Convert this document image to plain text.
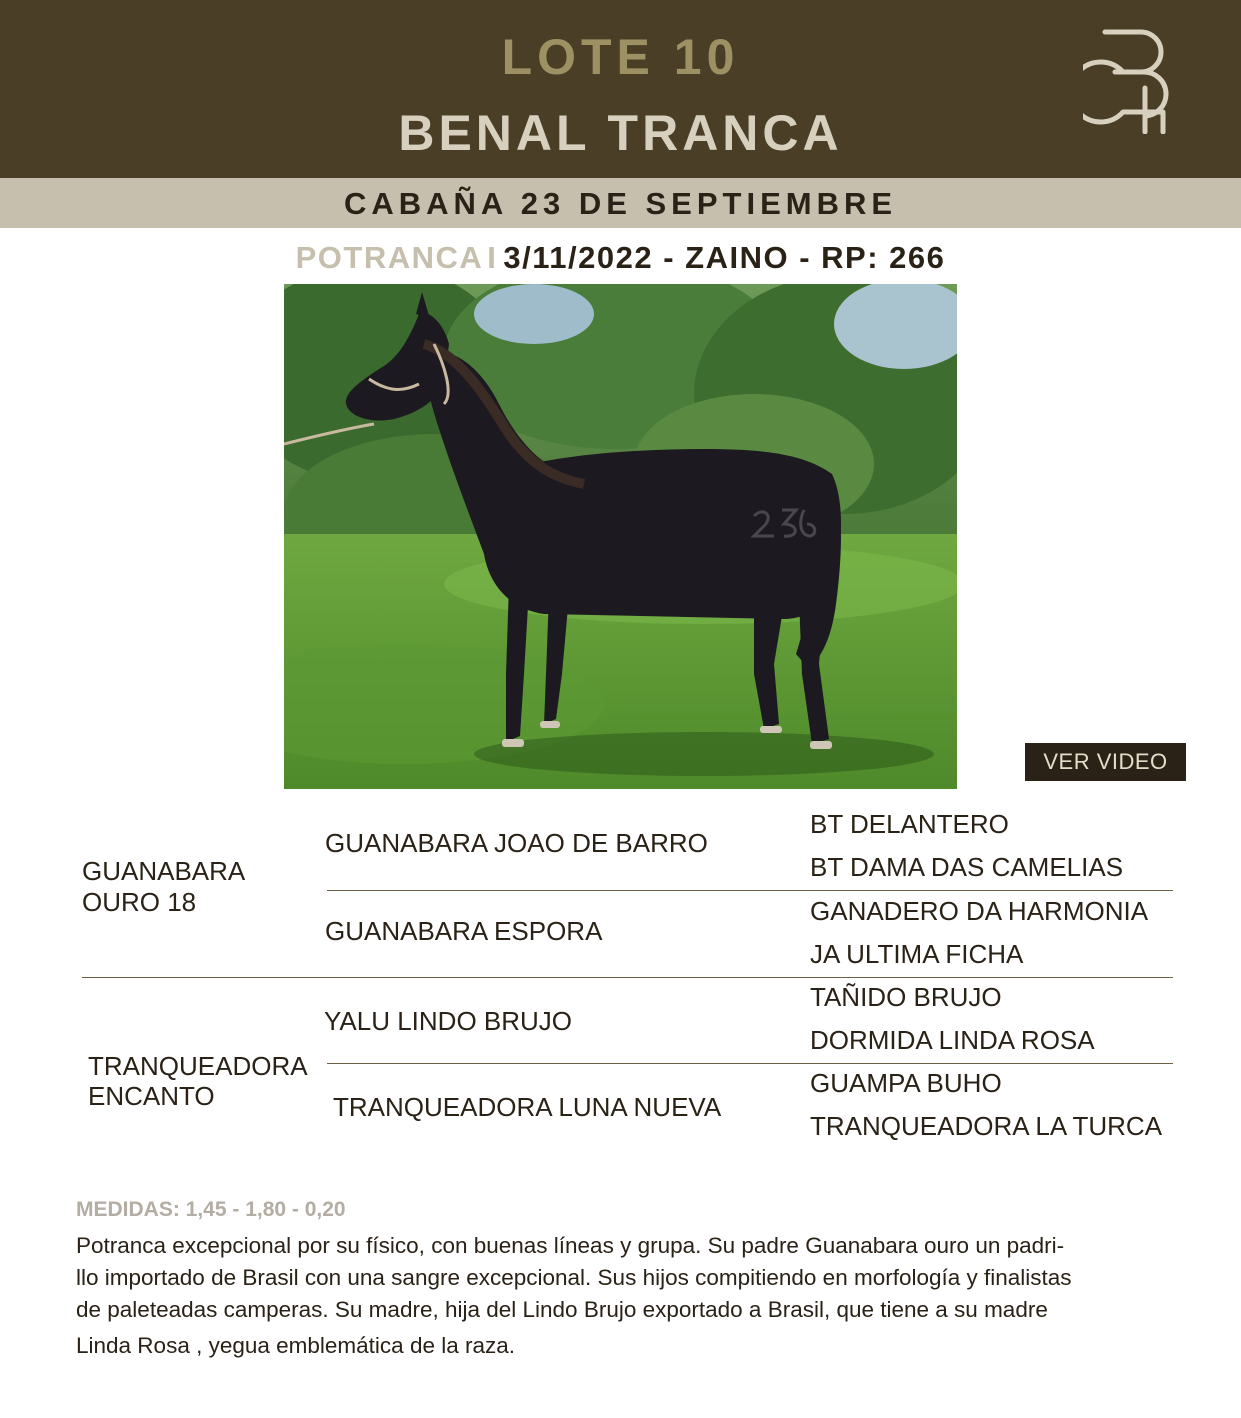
LOTE 10
BENAL TRANCA
CABAÑA 23 DE SEPTIEMBRE
POTRANCA I 3/11/2022 - ZAINO - RP: 266
VER VIDEO
GUANABARA
OURO 18
TRANQUEADORA
ENCANTO
GUANABARA JOAO DE BARRO
GUANABARA ESPORA
YALU LINDO BRUJO
TRANQUEADORA LUNA NUEVA
BT DELANTERO
BT DAMA DAS CAMELIAS
GANADERO DA HARMONIA
JA ULTIMA FICHA
TAÑIDO BRUJO
DORMIDA LINDA ROSA
GUAMPA BUHO
TRANQUEADORA LA TURCA
MEDIDAS: 1,45 - 1,80 - 0,20
Potranca excepcional por su físico, con buenas líneas y grupa. Su padre Guanabara ouro un padri-
llo importado de Brasil con una sangre excepcional. Sus hijos compitiendo en morfología y finalistas
de paleteadas camperas. Su madre, hija del Lindo Brujo exportado a Brasil, que tiene a su madre
Linda Rosa , yegua emblemática de la raza.
